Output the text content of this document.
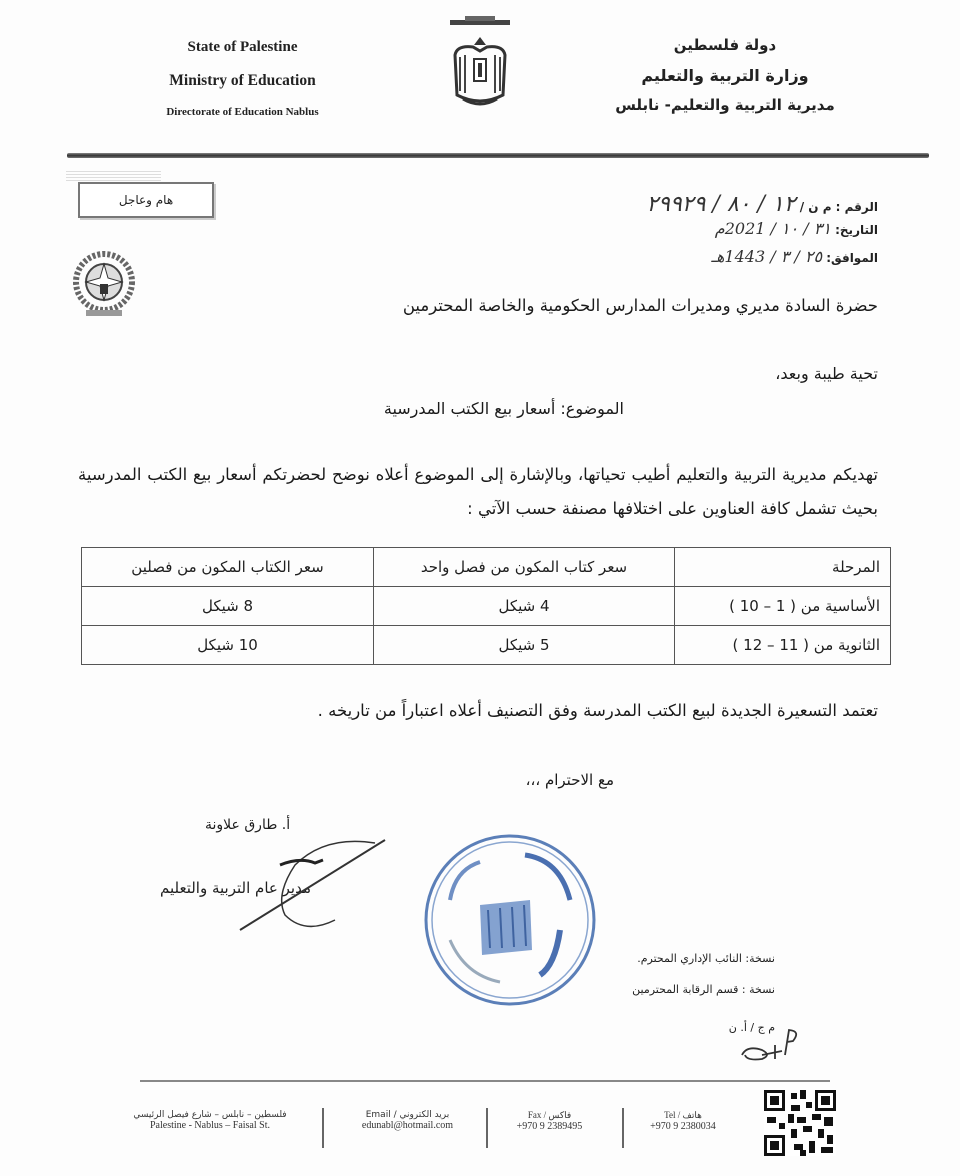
State of Palestine
Ministry of Education
Directorate of Education Nablus
دولة فلسطين
وزارة التربية والتعليم
مديرية التربية والتعليم- نابلس
هام وعاجل	الرقم : م ن / ١٢ / ٨٠ / ٢٩٩٢٩
التاريخ: ٣١ / ١٠ / 2021م
الموافق: ٢٥ / ٣ / 1443هـ
حضرة السادة مديري ومديرات المدارس الحكومية والخاصة المحترمين
تحية طيبة وبعد،
الموضوع: أسعار بيع الكتب المدرسية
تهديكم مديرية التربية والتعليم أطيب تحياتها، وبالإشارة إلى الموضوع أعلاه نوضح لحضرتكم أسعار بيع الكتب المدرسية بحيث تشمل كافة العناوين على اختلافها مصنفة حسب الآتي :
المرحلة	سعر كتاب المكون من فصل واحد	سعر الكتاب المكون من فصلين
الأساسية من ( 1 – 10 )	4 شيكل	8 شيكل
الثانوية من ( 11 – 12 )	5 شيكل	10 شيكل
تعتمد التسعيرة الجديدة لبيع الكتب المدرسة وفق التصنيف أعلاه اعتباراً من تاريخه .
مع الاحترام ،،،
أ. طارق علاونة
مدير عام التربية والتعليم
نسخة: النائب الإداري المحترم.
نسخة : قسم الرقابة المحترمين
م ج / أ. ن
فلسطين – نابلس – شارع فيصل الرئيسي
Palestine - Nablus – Faisal St.
بريد الكتروني / Email
edunabl@hotmail.com
Fax / فاكس
+970 9 2389495
Tel / هاتف
+970 9 2380034
